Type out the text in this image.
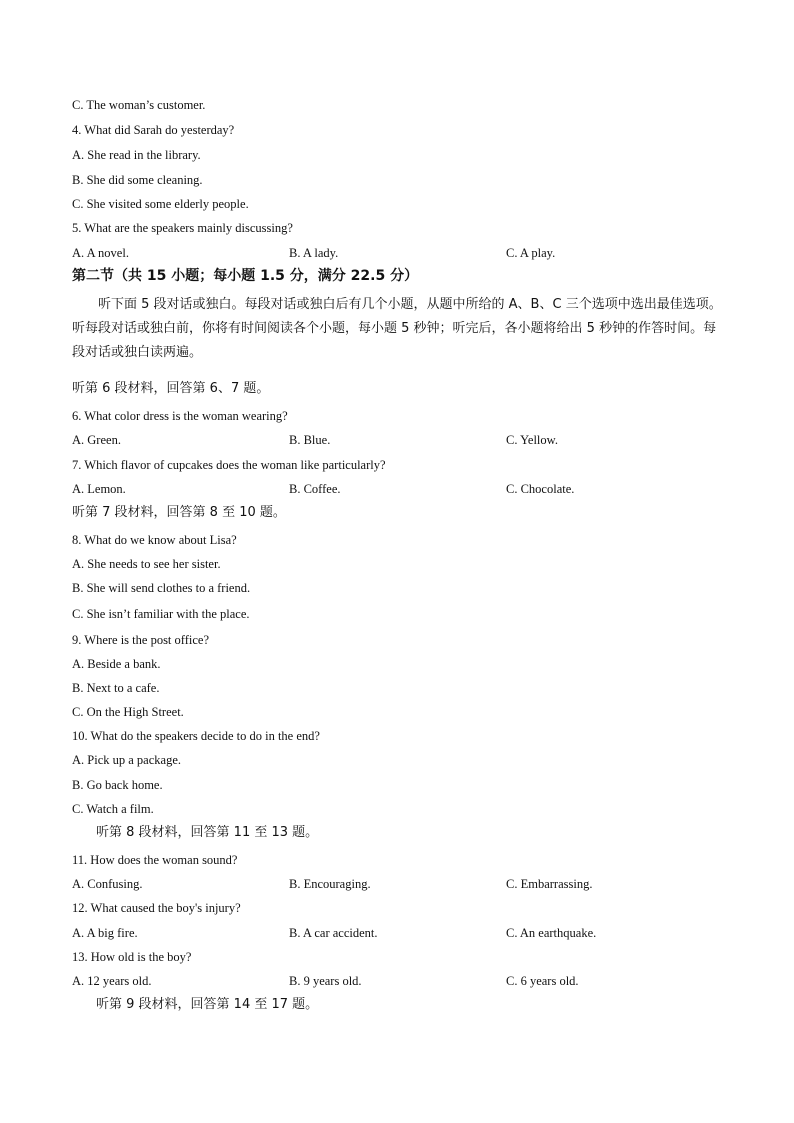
C. The woman’s customer.
4. What did Sarah do yesterday?
A. She read in the library.
B. She did some cleaning.
C. She visited some elderly people.
5. What are the speakers mainly discussing?
A. A novel.	B. A lady.	C. A play.
第二节（共 15 小题；每小题 1.5 分，满分 22.5 分）
听下面 5 段对话或独白。每段对话或独白后有几个小题，从题中所给的 A、B、C 三个选项中选出最佳选项。听每段对话或独白前，你将有时间阅读各个小题，每小题 5 秒钟；听完后，各小题将给出 5 秒钟的作答时间。每段对话或独白读两遍。
听第 6 段材料，回答第 6、7 题。
6. What color dress is the woman wearing?
A. Green.	B. Blue.	C. Yellow.
7. Which flavor of cupcakes does the woman like particularly?
A. Lemon.	B. Coffee.	C. Chocolate.
听第 7 段材料，回答第 8 至 10 题。
8. What do we know about Lisa?
A. She needs to see her sister.
B. She will send clothes to a friend.
C. She isn’t familiar with the place.
9. Where is the post office?
A. Beside a bank.
B. Next to a cafe.
C. On the High Street.
10. What do the speakers decide to do in the end?
A. Pick up a package.
B. Go back home.
C. Watch a film.
听第 8 段材料，回答第 11 至 13 题。
11. How does the woman sound?
A. Confusing.	B. Encouraging.	C. Embarrassing.
12. What caused the boy's injury?
A. A big fire.	B. A car accident.	C. An earthquake.
13. How old is the boy?
A. 12 years old.	B. 9 years old.	C. 6 years old.
听第 9 段材料，回答第 14 至 17 题。
